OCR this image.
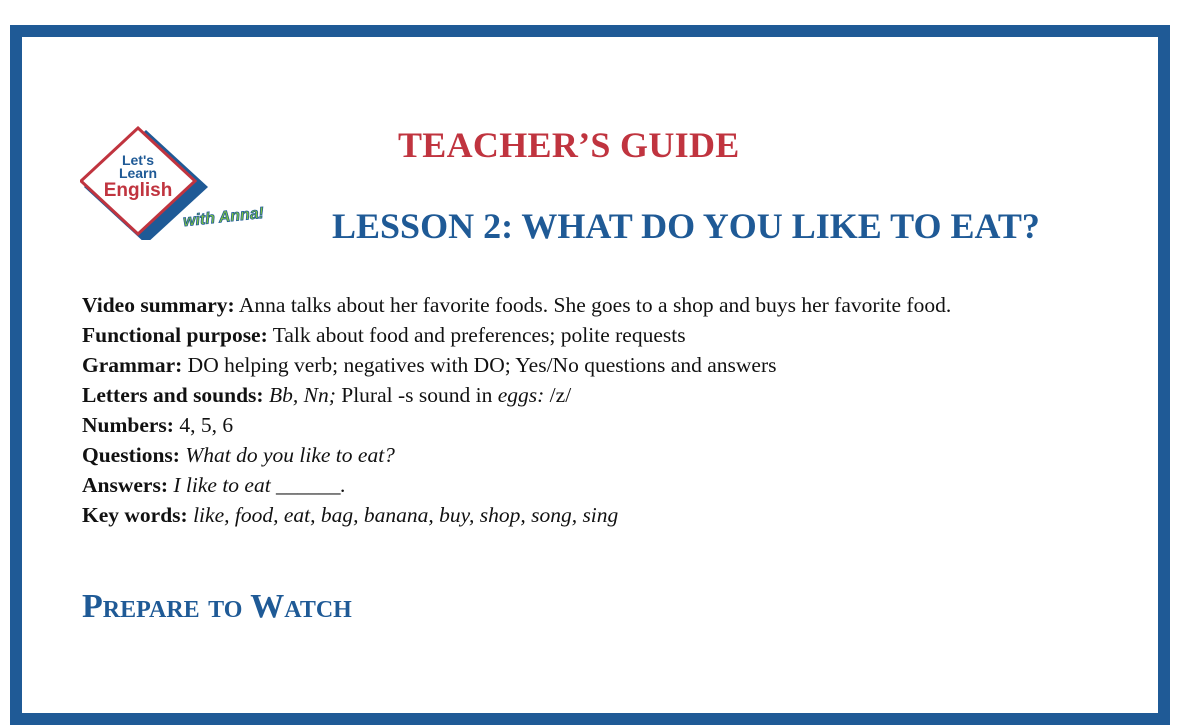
Let's
Learn
English
with Anna!
TEACHER’S GUIDE
LESSON 2: WHAT DO YOU LIKE TO EAT?
Video summary: Anna talks about her favorite foods. She goes to a shop and buys her favorite food.
Functional purpose: Talk about food and preferences; polite requests
Grammar: DO helping verb; negatives with DO; Yes/No questions and answers
Letters and sounds: Bb, Nn; Plural -s sound in eggs: /z/
Numbers: 4, 5, 6
Questions: What do you like to eat?
Answers: I like to eat ______.
Key words: like, food, eat, bag, banana, buy, shop, song, sing
Prepare to Watch
